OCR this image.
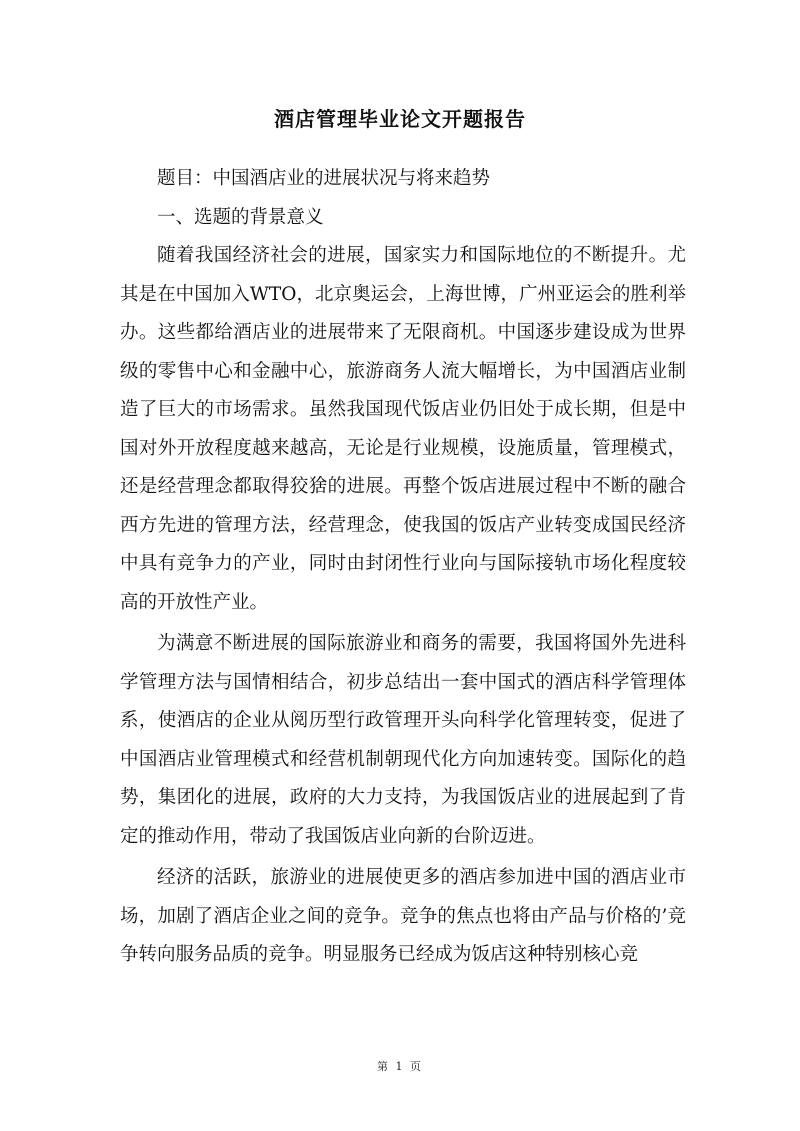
酒店管理毕业论文开题报告

题目：中国酒店业的进展状况与将来趋势

一、选题的背景意义

随着我国经济社会的进展，国家实力和国际地位的不断提升。尤其是在中国加入WTO，北京奥运会，上海世博，广州亚运会的胜利举办。这些都给酒店业的进展带来了无限商机。中国逐步建设成为世界级的零售中心和金融中心，旅游商务人流大幅增长，为中国酒店业制造了巨大的市场需求。虽然我国现代饭店业仍旧处于成长期，但是中国对外开放程度越来越高，无论是行业规模，设施质量，管理模式，还是经营理念都取得狡猞的进展。再整个饭店进展过程中不断的融合西方先进的管理方法，经营理念，使我国的饭店产业转变成国民经济中具有竞争力的产业，同时由封闭性行业向与国际接轨市场化程度较高的开放性产业。

为满意不断进展的国际旅游业和商务的需要，我国将国外先进科学管理方法与国情相结合，初步总结出一套中国式的酒店科学管理体系，使酒店的企业从阅历型行政管理开头向科学化管理转变，促进了中国酒店业管理模式和经营机制朝现代化方向加速转变。国际化的趋势，集团化的进展，政府的大力支持，为我国饭店业的进展起到了肯定的推动作用，带动了我国饭店业向新的台阶迈进。

经济的活跃，旅游业的进展使更多的酒店参加进中国的酒店业市场，加剧了酒店企业之间的竞争。竞争的焦点也将由产品与价格的’竞争转向服务品质的竞争。明显服务已经成为饭店这种特别核心竞

第 1 页
